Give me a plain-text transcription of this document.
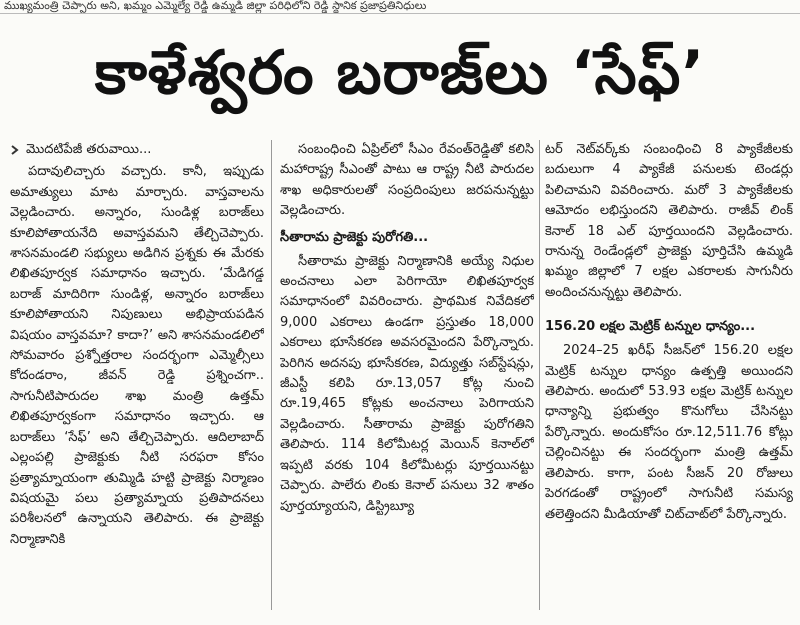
ముఖ్యమంత్రి చెప్పారు అని, ఖమ్మం ఎమ్మెల్యే రెడ్డి ఉమ్మడి జిల్లా పరిధిలోని రెడ్డి స్థానిక ప్రజాప్రతినిధులు
కాళేశ్వరం బరాజ్‌లు ‘సేఫ్’
మొదటిపేజీ తరువాయి...

పదావులిచ్చారు వచ్చారు. కానీ, ఇప్పుడు అమాత్యులు మాట మార్చారు. వాస్తవాలను వెల్లడించారు. అన్నారం, సుండిళ్ల బరాజ్‌లు కూలిపోతాయనేది అవాస్తవమని తేల్చిచెప్పారు. శాసనమండలి సభ్యులు అడిగిన ప్రశ్నకు ఈ మేరకు లిఖితపూర్వక సమాధానం ఇచ్చారు. ‘మేడిగడ్డ బరాజ్ మాదిరిగా సుండిళ్ల, అన్నారం బరాజ్‌లు కూలిపోతాయని నిపుణులు అభిప్రాయపడిన విషయం వాస్తవమా? కాదా?’ అని శాసనమండలిలో సోమవారం ప్రశ్నోత్తరాల సందర్భంగా ఎమ్మెల్సీలు కోదండరాం, జీవన్ రెడ్డి ప్రశ్నించగా.. సాగునీటిపారుదల శాఖ మంత్రి ఉత్తమ్ లిఖితపూర్వకంగా సమాధానం ఇచ్చారు. ఆ బరాజ్‌లు ‘సేఫ్’ అని తేల్చిచెప్పారు. ఆదిలాబాద్ ఎల్లంపల్లి ప్రాజెక్టుకు నీటి సరఫరా కోసం ప్రత్యామ్నాయంగా తుమ్మిడి హట్టి ప్రాజెక్టు నిర్మాణం విషయమై పలు ప్రత్యామ్నాయ ప్రతిపాదనలు పరిశీలనలో ఉన్నాయని తెలిపారు. ఈ ప్రాజెక్టు నిర్మాణానికి

సంబంధించి ఏప్రిల్‌లో సీఎం రేవంత్‌రెడ్డితో కలిసి మహారాష్ట్ర సీఎంతో పాటు ఆ రాష్ట్ర నీటి పారుదల శాఖ అధికారులతో సంప్రదింపులు జరపనున్నట్టు వెల్లడించారు.

సీతారామ ప్రాజెక్టు పురోగతి...

సీతారామ ప్రాజెక్టు నిర్మాణానికి అయ్యే నిధుల అంచనాలు ఎలా పెరిగాయో లిఖితపూర్వక సమాధానంలో వివరించారు. ప్రాథమిక నివేదికలో 9,000 ఎకరాలు ఉండగా ప్రస్తుతం 18,000 ఎకరాలు భూసేకరణ అవసరమైందని పేర్కొన్నారు. పెరిగిన అదనపు భూసేకరణ, విద్యుత్తు సబ్‌స్టేషన్లు, జీఎస్టీ కలిపి రూ.13,057 కోట్ల నుంచి రూ.19,465 కోట్లకు అంచనాలు పెరిగాయని వెల్లడించారు. సీతారామ ప్రాజెక్టు పురోగతిని తెలిపారు. 114 కిలోమీటర్ల మెయిన్ కెనాల్‌లో ఇప్పటి వరకు 104 కిలోమీటర్లు పూర్తయినట్టు చెప్పారు. పాలేరు లింకు కెనాల్ పనులు 32 శాతం పూర్తయ్యాయని, డిస్ట్రిబ్యూ

టర్ నెట్‌వర్క్‌కు సంబంధించి 8 ప్యాకేజీలకు బదులుగా 4 ప్యాకేజీ పనులకు టెండర్లు పిలిచామని వివరించారు. మరో 3 ప్యాకేజీలకు ఆమోదం లభిస్తుందని తెలిపారు. రాజీవ్ లింక్ కెనాల్ 18 ఎల్ పూర్తయిందని వెల్లడించారు. రానున్న రెండేండ్లలో ప్రాజెక్టు పూర్తిచేసి ఉమ్మడి ఖమ్మం జిల్లాలో 7 లక్షల ఎకరాలకు సాగునీరు అందించనున్నట్టు తెలిపారు.

156.20 లక్షల మెట్రిక్ టన్నుల ధాన్యం...

2024–25 ఖరీఫ్ సీజన్‌లో 156.20 లక్షల మెట్రిక్ టన్నుల ధాన్యం ఉత్పత్తి అయిందని తెలిపారు. అందులో 53.93 లక్షల మెట్రిక్ టన్నుల ధాన్యాన్ని ప్రభుత్వం కొనుగోలు చేసినట్టు పేర్కొన్నారు. అందుకోసం రూ.12,511.76 కోట్లు చెల్లించినట్టు ఈ సందర్భంగా మంత్రి ఉత్తమ్ తెలిపారు. కాగా, పంట సీజన్ 20 రోజులు పెరగడంతో రాష్ట్రంలో సాగునీటి సమస్య తలెత్తిందని మీడియాతో చిట్‌చాట్‌లో పేర్కొన్నారు.
